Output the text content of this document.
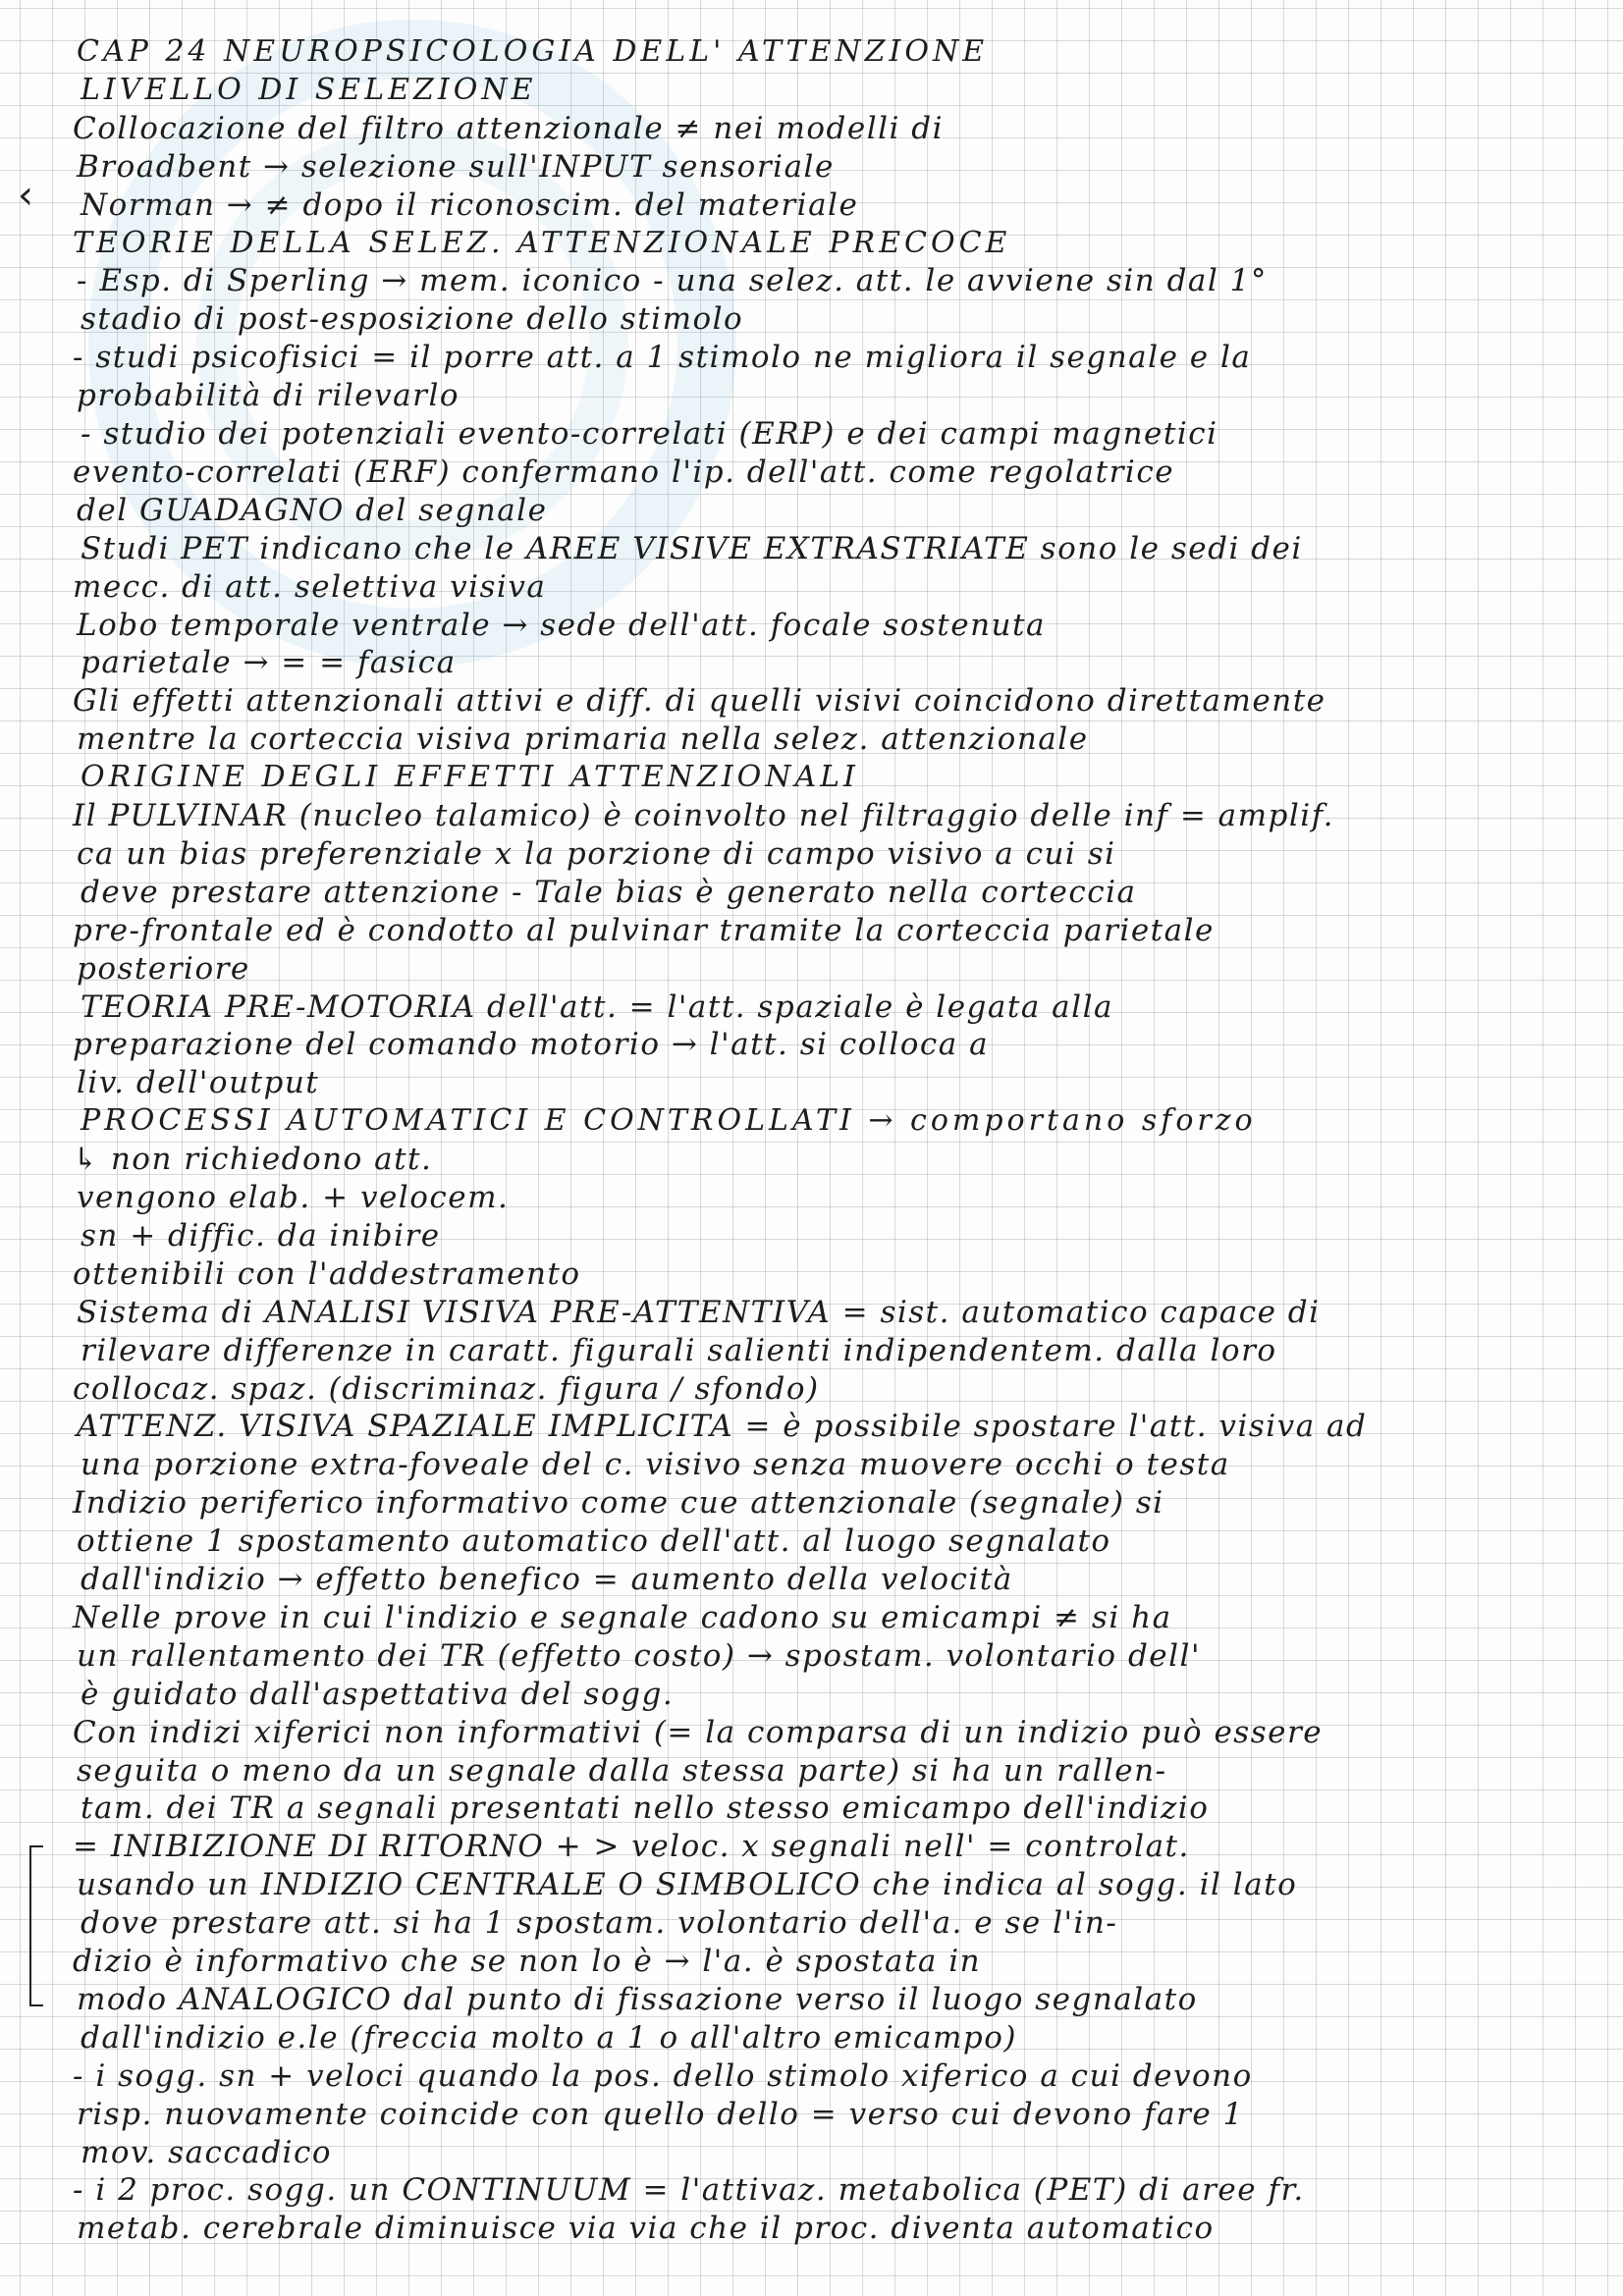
CAP 24 NEUROPSICOLOGIA DELL' ATTENZIONE
LIVELLO DI SELEZIONE
Collocazione del filtro attenzionale ≠ nei modelli di
Broadbent → selezione sull'INPUT sensoriale
Norman → ≠ dopo il riconoscim. del materiale
TEORIE DELLA SELEZ. ATTENZIONALE PRECOCE
- Esp. di Sperling → mem. iconico - una selez. att. le avviene sin dal 1°
stadio di post-esposizione dello stimolo
- studi psicofisici = il porre att. a 1 stimolo ne migliora il segnale e la
probabilità di rilevarlo
- studio dei potenziali evento-correlati (ERP) e dei campi magnetici
evento-correlati (ERF) confermano l'ip. dell'att. come regolatrice
del GUADAGNO del segnale
Studi PET indicano che le AREE VISIVE EXTRASTRIATE sono le sedi dei
mecc. di att. selettiva visiva
Lobo temporale ventrale → sede dell'att. focale sostenuta
parietale → = = fasica
Gli effetti attenzionali attivi e diff. di quelli visivi coincidono direttamente
mentre la corteccia visiva primaria nella selez. attenzionale
ORIGINE DEGLI EFFETTI ATTENZIONALI
Il PULVINAR (nucleo talamico) è coinvolto nel filtraggio delle inf = amplif.
ca un bias preferenziale x la porzione di campo visivo a cui si
deve prestare attenzione - Tale bias è generato nella corteccia
pre-frontale ed è condotto al pulvinar tramite la corteccia parietale
posteriore
TEORIA PRE-MOTORIA dell'att. = l'att. spaziale è legata alla
preparazione del comando motorio → l'att. si colloca a
liv. dell'output
PROCESSI AUTOMATICI E CONTROLLATI → comportano sforzo
↳ non richiedono att.
vengono elab. + velocem.
sn + diffic. da inibire
ottenibili con l'addestramento
Sistema di ANALISI VISIVA PRE-ATTENTIVA = sist. automatico capace di
rilevare differenze in caratt. figurali salienti indipendentem. dalla loro
collocaz. spaz. (discriminaz. figura / sfondo)
ATTENZ. VISIVA SPAZIALE IMPLICITA = è possibile spostare l'att. visiva ad
una porzione extra-foveale del c. visivo senza muovere occhi o testa
Indizio periferico informativo come cue attenzionale (segnale) si
ottiene 1 spostamento automatico dell'att. al luogo segnalato
dall'indizio → effetto benefico = aumento della velocità
Nelle prove in cui l'indizio e segnale cadono su emicampi ≠ si ha
un rallentamento dei TR (effetto costo) → spostam. volontario dell'
è guidato dall'aspettativa del sogg.
Con indizi xiferici non informativi (= la comparsa di un indizio può essere
seguita o meno da un segnale dalla stessa parte) si ha un rallen-
tam. dei TR a segnali presentati nello stesso emicampo dell'indizio
= INIBIZIONE DI RITORNO + > veloc. x segnali nell' = controlat.
usando un INDIZIO CENTRALE O SIMBOLICO che indica al sogg. il lato
dove prestare att. si ha 1 spostam. volontario dell'a. e se l'in-
dizio è informativo che se non lo è → l'a. è spostata in
modo ANALOGICO dal punto di fissazione verso il luogo segnalato
dall'indizio e.le (freccia molto a 1 o all'altro emicampo)
- i sogg. sn + veloci quando la pos. dello stimolo xiferico a cui devono
risp. nuovamente coincide con quello dello = verso cui devono fare 1
mov. saccadico
- i 2 proc. sogg. un CONTINUUM = l'attivaz. metabolica (PET) di aree fr.
metab. cerebrale diminuisce via via che il proc. diventa automatico
‹
